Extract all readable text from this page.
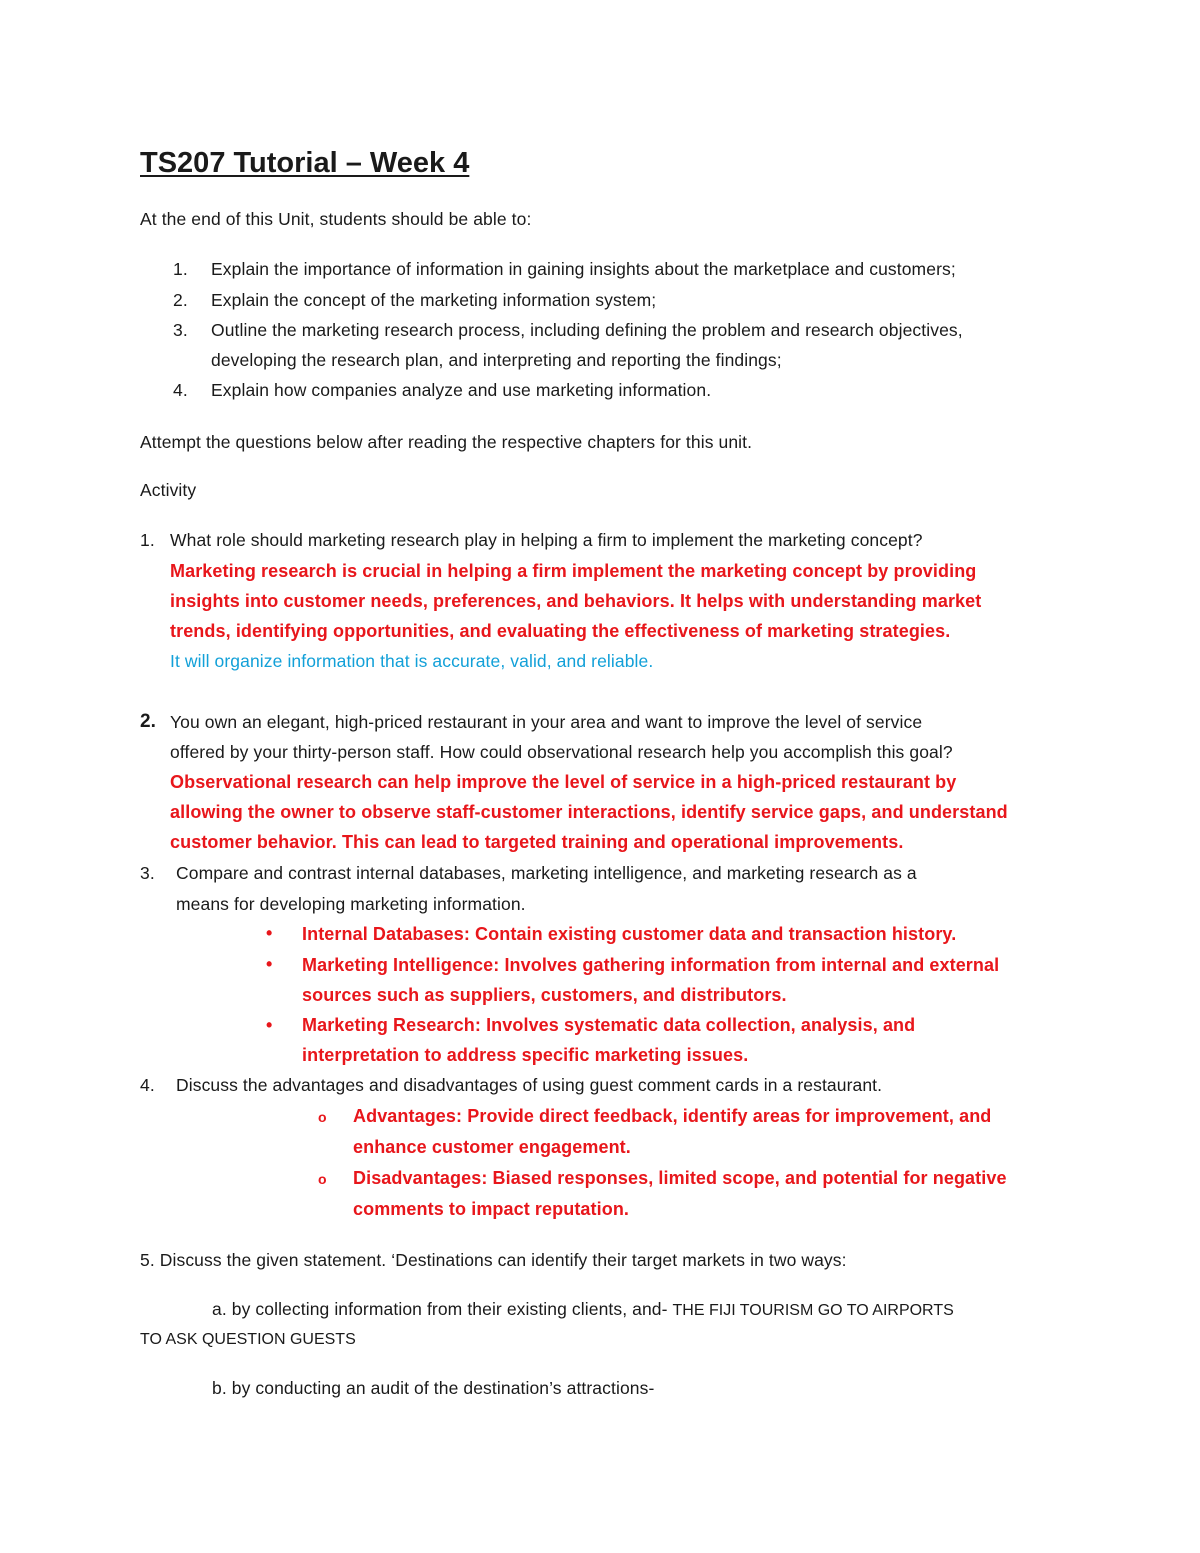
TS207 Tutorial – Week 4
At the end of this Unit, students should be able to:
1. Explain the importance of information in gaining insights about the marketplace and customers;
2. Explain the concept of the marketing information system;
3. Outline the marketing research process, including defining the problem and research objectives,
developing the research plan, and interpreting and reporting the findings;
4. Explain how companies analyze and use marketing information.
Attempt the questions below after reading the respective chapters for this unit.
Activity
1. What role should marketing research play in helping a firm to implement the marketing concept?
Marketing research is crucial in helping a firm implement the marketing concept by providing
insights into customer needs, preferences, and behaviors. It helps with understanding market
trends, identifying opportunities, and evaluating the effectiveness of marketing strategies.
It will organize information that is accurate, valid, and reliable.
2. You own an elegant, high-priced restaurant in your area and want to improve the level of service
offered by your thirty-person staff. How could observational research help you accomplish this goal?
Observational research can help improve the level of service in a high-priced restaurant by
allowing the owner to observe staff-customer interactions, identify service gaps, and understand
customer behavior. This can lead to targeted training and operational improvements.
3. Compare and contrast internal databases, marketing intelligence, and marketing research as a
means for developing marketing information.
• Internal Databases: Contain existing customer data and transaction history.
• Marketing Intelligence: Involves gathering information from internal and external
sources such as suppliers, customers, and distributors.
• Marketing Research: Involves systematic data collection, analysis, and
interpretation to address specific marketing issues.
4. Discuss the advantages and disadvantages of using guest comment cards in a restaurant.
o Advantages: Provide direct feedback, identify areas for improvement, and
enhance customer engagement.
o Disadvantages: Biased responses, limited scope, and potential for negative
comments to impact reputation.
5. Discuss the given statement. ‘Destinations can identify their target markets in two ways:
a. by collecting information from their existing clients, and- THE FIJI TOURISM GO TO AIRPORTS
TO ASK QUESTION GUESTS
b. by conducting an audit of the destination’s attractions-
